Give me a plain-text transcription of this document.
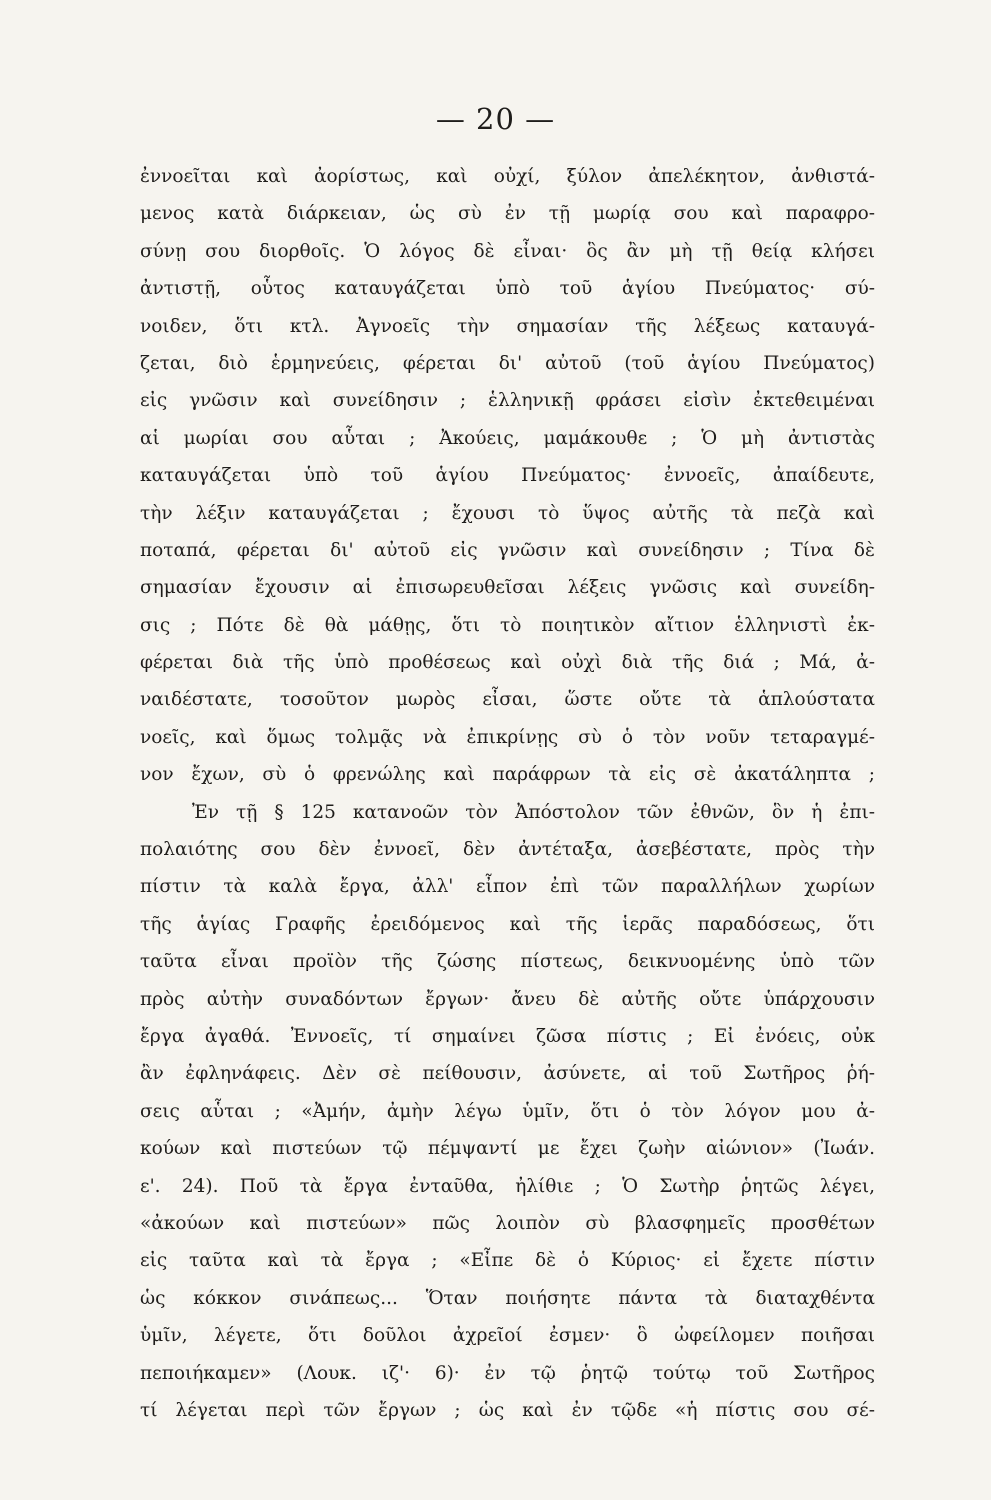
— 20 —
ἐννοεῖται καὶ ἀορίστως, καὶ οὐχί, ξύλον ἀπελέκητον, ἀνθιστά-
μενος κατὰ διάρκειαν, ὡς σὺ ἐν τῇ μωρίᾳ σου καὶ παραφρο-
σύνῃ σου διορθοῖς. Ὁ λόγος δὲ εἶναι· ὃς ἂν μὴ τῇ θείᾳ κλήσει
ἀντιστῇ, οὗτος καταυγάζεται ὑπὸ τοῦ ἁγίου Πνεύματος· σύ-
νοιδεν, ὅτι κτλ. Ἀγνοεῖς τὴν σημασίαν τῆς λέξεως καταυγά-
ζεται, διὸ ἑρμηνεύεις, φέρεται δι' αὐτοῦ (τοῦ ἁγίου Πνεύματος)
εἰς γνῶσιν καὶ συνείδησιν ; ἑλληνικῇ φράσει εἰσὶν ἐκτεθειμέναι
αἱ μωρίαι σου αὗται ; Ἀκούεις, μαμάκουθε ; Ὁ μὴ ἀντιστὰς
καταυγάζεται ὑπὸ τοῦ ἁγίου Πνεύματος· ἐννοεῖς, ἀπαίδευτε,
τὴν λέξιν καταυγάζεται ; ἔχουσι τὸ ὕψος αὐτῆς τὰ πεζὰ καὶ
ποταπά, φέρεται δι' αὐτοῦ εἰς γνῶσιν καὶ συνείδησιν ; Τίνα δὲ
σημασίαν ἔχουσιν αἱ ἐπισωρευθεῖσαι λέξεις γνῶσις καὶ συνείδη-
σις ; Πότε δὲ θὰ μάθῃς, ὅτι τὸ ποιητικὸν αἴτιον ἑλληνιστὶ ἐκ-
φέρεται διὰ τῆς ὑπὸ προθέσεως καὶ οὐχὶ διὰ τῆς διά ; Μά, ἀ-
ναιδέστατε, τοσοῦτον μωρὸς εἶσαι, ὥστε οὔτε τὰ ἁπλούστατα
νοεῖς, καὶ ὅμως τολμᾷς νὰ ἐπικρίνῃς σὺ ὁ τὸν νοῦν τεταραγμέ-
νον ἔχων, σὺ ὁ φρενώλης καὶ παράφρων τὰ εἰς σὲ ἀκατάληπτα ;
Ἐν τῇ § 125 κατανοῶν τὸν Ἀπόστολον τῶν ἐθνῶν, ὃν ἡ ἐπι-
πολαιότης σου δὲν ἐννοεῖ, δὲν ἀντέταξα, ἀσεβέστατε, πρὸς τὴν
πίστιν τὰ καλὰ ἔργα, ἀλλ' εἶπον ἐπὶ τῶν παραλλήλων χωρίων
τῆς ἁγίας Γραφῆς ἐρειδόμενος καὶ τῆς ἱερᾶς παραδόσεως, ὅτι
ταῦτα εἶναι προϊὸν τῆς ζώσης πίστεως, δεικνυομένης ὑπὸ τῶν
πρὸς αὐτὴν συναδόντων ἔργων· ἄνευ δὲ αὐτῆς οὔτε ὑπάρχουσιν
ἔργα ἀγαθά. Ἐννοεῖς, τί σημαίνει ζῶσα πίστις ; Εἰ ἐνόεις, οὐκ
ἂν ἐφληνάφεις. Δὲν σὲ πείθουσιν, ἀσύνετε, αἱ τοῦ Σωτῆρος ῥή-
σεις αὗται ; «Ἀμήν, ἀμὴν λέγω ὑμῖν, ὅτι ὁ τὸν λόγον μου ἀ-
κούων καὶ πιστεύων τῷ πέμψαντί με ἔχει ζωὴν αἰώνιον» (Ἰωάν.
ε'. 24). Ποῦ τὰ ἔργα ἐνταῦθα, ἠλίθιε ; Ὁ Σωτὴρ ῥητῶς λέγει,
«ἀκούων καὶ πιστεύων» πῶς λοιπὸν σὺ βλασφημεῖς προσθέτων
εἰς ταῦτα καὶ τὰ ἔργα ; «Εἶπε δὲ ὁ Κύριος· εἰ ἔχετε πίστιν
ὡς κόκκον σινάπεως... Ὅταν ποιήσητε πάντα τὰ διαταχθέντα
ὑμῖν, λέγετε, ὅτι δοῦλοι ἀχρεῖοί ἐσμεν· ὃ ὠφείλομεν ποιῆσαι
πεποιήκαμεν» (Λουκ. ιζ'· 6)· ἐν τῷ ῥητῷ τούτῳ τοῦ Σωτῆρος
τί λέγεται περὶ τῶν ἔργων ; ὡς καὶ ἐν τῷδε «ἡ πίστις σου σέ-
